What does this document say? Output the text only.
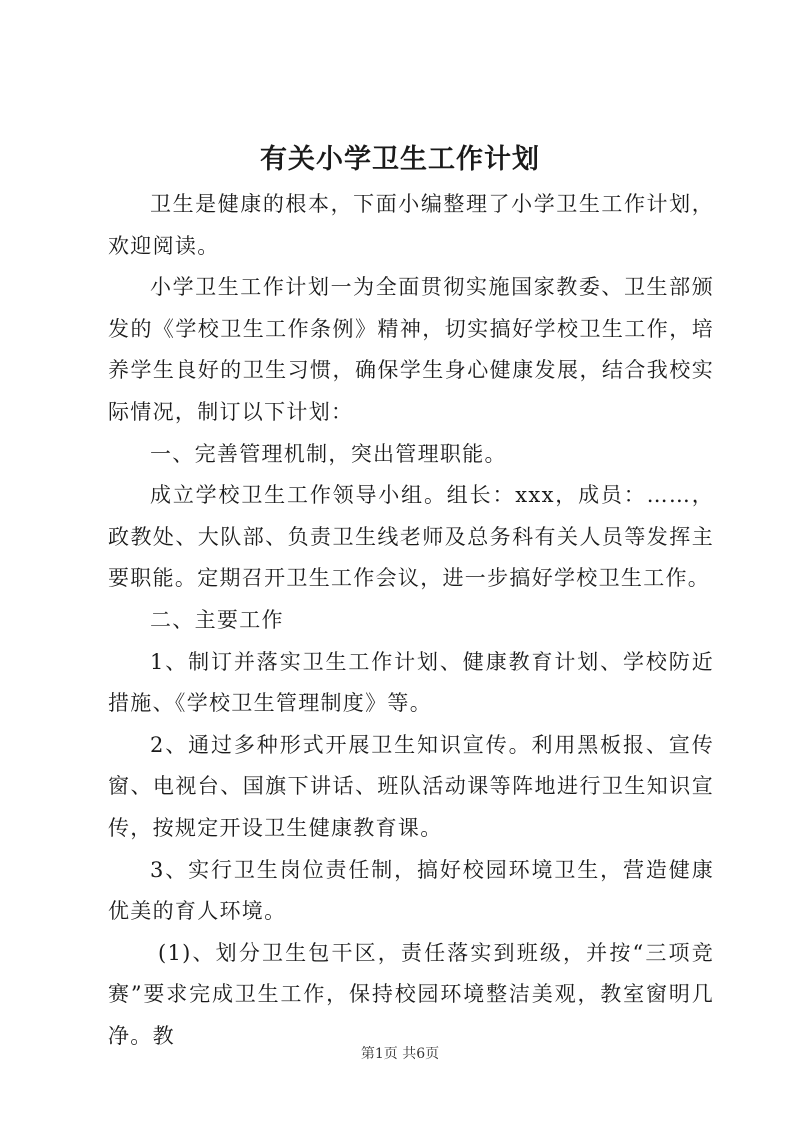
有关小学卫生工作计划

卫生是健康的根本，下面小编整理了小学卫生工作计划，欢迎阅读。

小学卫生工作计划一为全面贯彻实施国家教委、卫生部颁发的《学校卫生工作条例》精神，切实搞好学校卫生工作，培养学生良好的卫生习惯，确保学生身心健康发展，结合我校实际情况，制订以下计划：

一、完善管理机制，突出管理职能。

成立学校卫生工作领导小组。组长：xxx，成员：……，政教处、大队部、负责卫生线老师及总务科有关人员等发挥主要职能。定期召开卫生工作会议，进一步搞好学校卫生工作。

二、主要工作

1、制订并落实卫生工作计划、健康教育计划、学校防近措施、《学校卫生管理制度》等。

2、通过多种形式开展卫生知识宣传。利用黑板报、宣传窗、电视台、国旗下讲话、班队活动课等阵地进行卫生知识宣传，按规定开设卫生健康教育课。

3、实行卫生岗位责任制，搞好校园环境卫生，营造健康优美的育人环境。

(1)、划分卫生包干区，责任落实到班级，并按“三项竞赛”要求完成卫生工作，保持校园环境整洁美观，教室窗明几净。教

第1页 共6页
